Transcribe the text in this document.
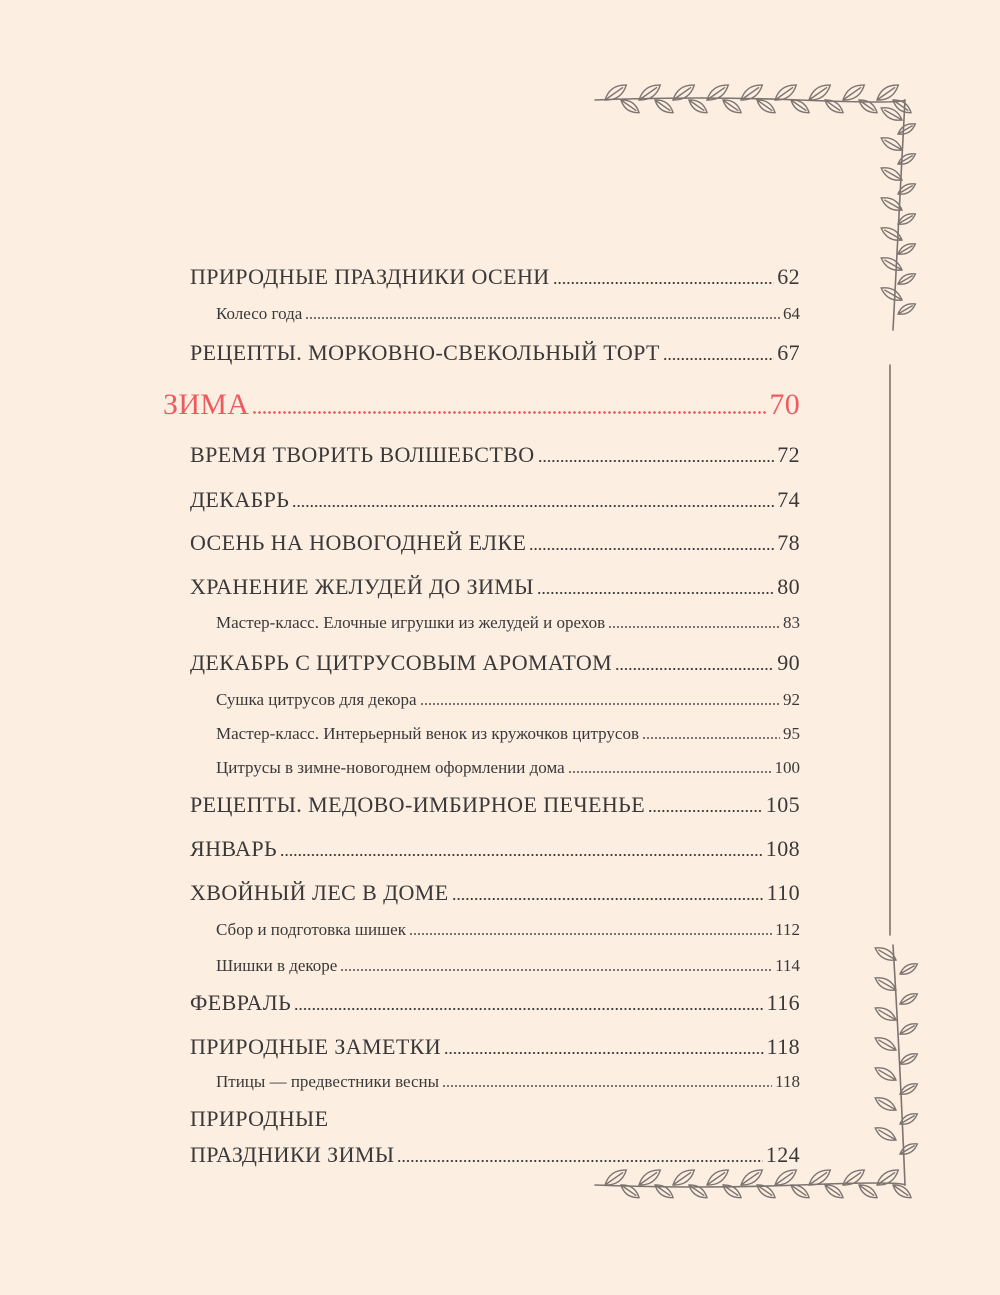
ПРИРОДНЫЕ ПРАЗДНИКИ ОСЕНИ	62
Колесо года	64
РЕЦЕПТЫ. МОРКОВНО-СВЕКОЛЬНЫЙ ТОРТ	67
ЗИМА	70
ВРЕМЯ ТВОРИТЬ ВОЛШЕБСТВО	72
ДЕКАБРЬ	74
ОСЕНЬ НА НОВОГОДНЕЙ ЕЛКЕ	78
ХРАНЕНИЕ ЖЕЛУДЕЙ ДО ЗИМЫ	80
Мастер-класс. Елочные игрушки из желудей и орехов	83
ДЕКАБРЬ С ЦИТРУСОВЫМ АРОМАТОМ	90
Сушка цитрусов для декора	92
Мастер-класс. Интерьерный венок из кружочков цитрусов	95
Цитрусы в зимне-новогоднем оформлении дома	100
РЕЦЕПТЫ. МЕДОВО-ИМБИРНОЕ ПЕЧЕНЬЕ	105
ЯНВАРЬ	108
ХВОЙНЫЙ ЛЕС В ДОМЕ	110
Сбор и подготовка шишек	112
Шишки в декоре	114
ФЕВРАЛЬ	116
ПРИРОДНЫЕ ЗАМЕТКИ	118
Птицы — предвестники весны	118
ПРИРОДНЫЕ
ПРАЗДНИКИ ЗИМЫ	124
